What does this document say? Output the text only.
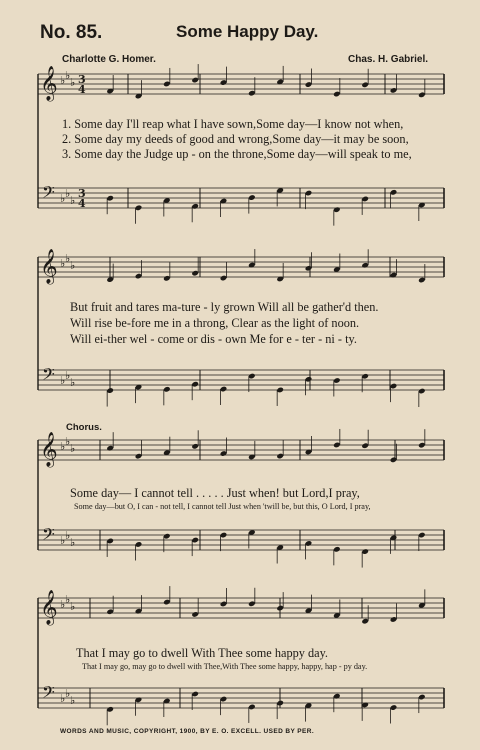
No. 85.	Some Happy Day.
Charlotte G. Homer.	Chas. H. Gabriel.
𝄞
𝄢
♭ ♭
♭
♭ ♭
♭
3
4
3
4
𝄞
𝄢
♭ ♭
♭
♭ ♭
♭
𝄞
𝄢
♭ ♭
♭
♭ ♭
♭
𝄞
𝄢
♭ ♭
♭
♭ ♭
♭
1. Some day I'll reap what I have sown,Some day—I know not when,
2. Some day my deeds of good and wrong,Some day—it may be soon,
3. Some day the Judge up - on the throne,Some day—will speak to me,
But fruit and tares ma-ture - ly grown Will all be gather'd then.
Will rise be-fore me in a throng, Clear as the light of noon.
Will ei-ther wel - come or dis - own Me for e - ter - ni - ty.
Chorus.
Some day— I cannot tell . . . . . Just when! but Lord,I pray,
Some day—but O, I can - not tell, I cannot tell Just when 'twill be, but this, O Lord, I pray,
That I may go to dwell With Thee some happy day.
That I may go, may go to dwell with Thee,With Thee some happy, happy, hap - py day.
WORDS AND MUSIC, COPYRIGHT, 1900, BY E. O. EXCELL. USED BY PER.
